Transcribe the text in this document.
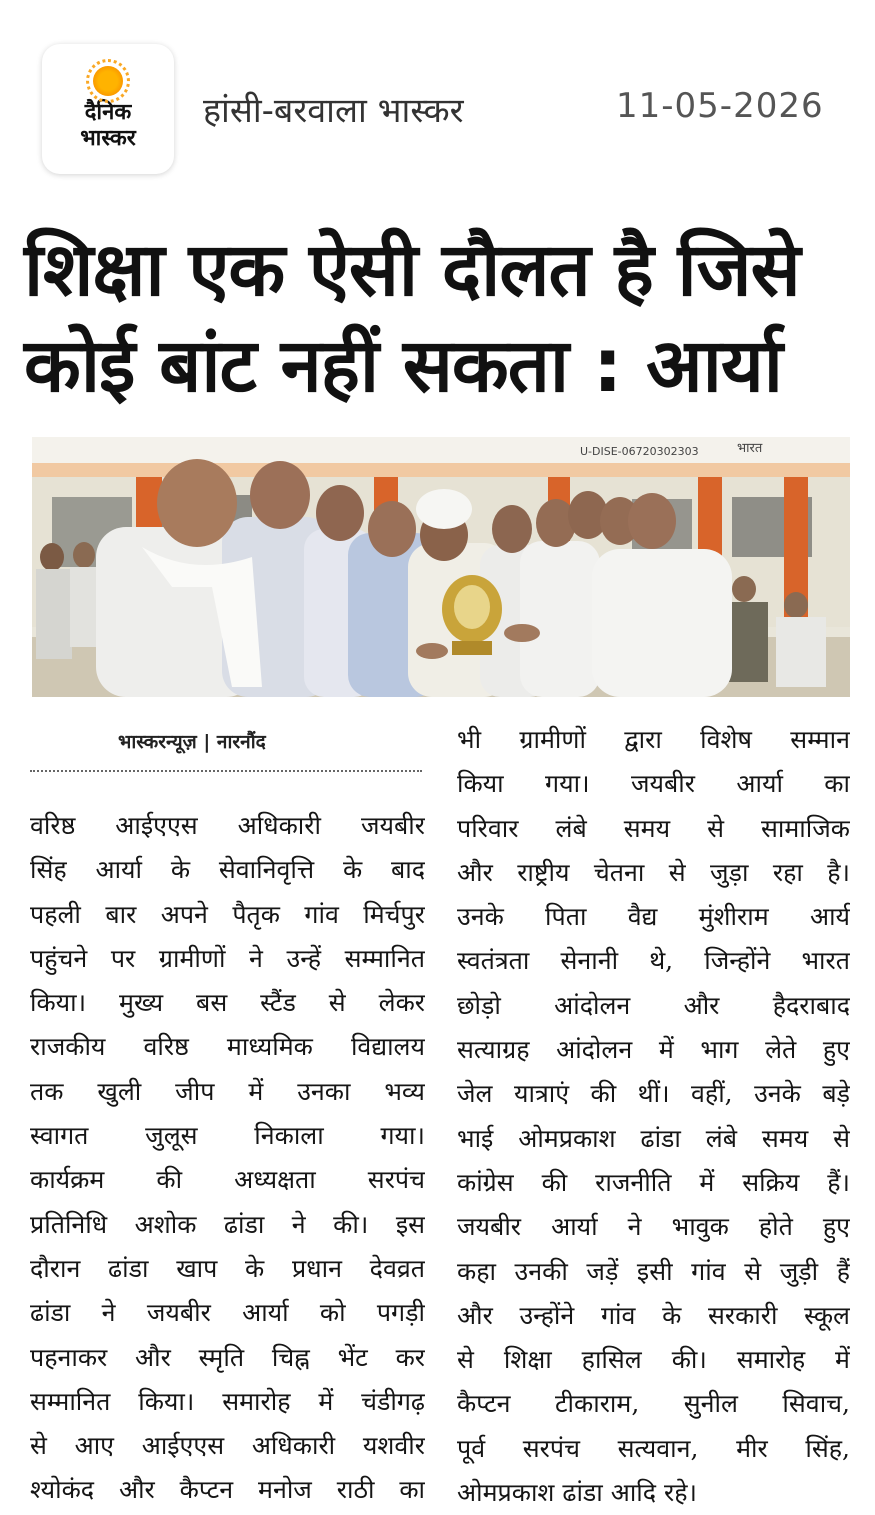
दैनिक
भास्कर
हांसी-बरवाला भास्कर	11-05-2026
शिक्षा एक ऐसी दौलत है जिसे
कोई बांट नहीं सकता : आर्या
U-DISE-06720302303	भारत
भास्करन्यूज़ | नारनौंद
वरिष्ठ आईएएस अधिकारी जयबीर
सिंह आर्या के सेवानिवृत्ति के बाद
पहली बार अपने पैतृक गांव मिर्चपुर
पहुंचने पर ग्रामीणों ने उन्हें सम्मानित
किया। मुख्य बस स्टैंड से लेकर
राजकीय वरिष्ठ माध्यमिक विद्यालय
तक खुली जीप में उनका भव्य
स्वागत जुलूस निकाला गया।
कार्यक्रम की अध्यक्षता सरपंच
प्रतिनिधि अशोक ढांडा ने की। इस
दौरान ढांडा खाप के प्रधान देवव्रत
ढांडा ने जयबीर आर्या को पगड़ी
पहनाकर और स्मृति चिह्न भेंट कर
सम्मानित किया। समारोह में चंडीगढ़
से आए आईएएस अधिकारी यशवीर
श्योकंद और कैप्टन मनोज राठी का
भी ग्रामीणों द्वारा विशेष सम्मान
किया गया। जयबीर आर्या का
परिवार लंबे समय से सामाजिक
और राष्ट्रीय चेतना से जुड़ा रहा है।
उनके पिता वैद्य मुंशीराम आर्य
स्वतंत्रता सेनानी थे, जिन्होंने भारत
छोड़ो आंदोलन और हैदराबाद
सत्याग्रह आंदोलन में भाग लेते हुए
जेल यात्राएं की थीं। वहीं, उनके बड़े
भाई ओमप्रकाश ढांडा लंबे समय से
कांग्रेस की राजनीति में सक्रिय हैं।
जयबीर आर्या ने भावुक होते हुए
कहा उनकी जड़ें इसी गांव से जुड़ी हैं
और उन्होंने गांव के सरकारी स्कूल
से शिक्षा हासिल की। समारोह में
कैप्टन टीकाराम, सुनील सिवाच,
पूर्व सरपंच सत्यवान, मीर सिंह,
ओमप्रकाश ढांडा आदि रहे।
